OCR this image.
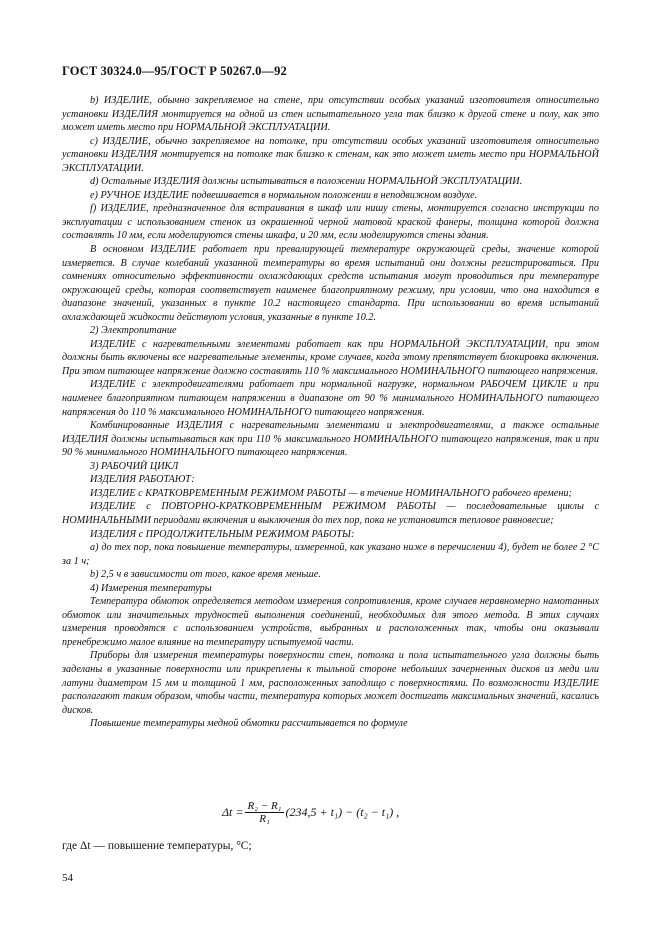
ГОСТ 30324.0—95/ГОСТ Р 50267.0—92

b) ИЗДЕЛИЕ, обычно закрепляемое на стене, при отсутствии особых указаний изготовителя относительно установки ИЗДЕЛИЯ монтируется на одной из стен испытательного угла так близко к другой стене и полу, как это может иметь место при НОРМАЛЬНОЙ ЭКСПЛУАТАЦИИ.

c) ИЗДЕЛИЕ, обычно закрепляемое на потолке, при отсутствии особых указаний изготовителя относительно установки ИЗДЕЛИЯ монтируется на потолке так близко к стенам, как это может иметь место при НОРМАЛЬНОЙ ЭКСПЛУАТАЦИИ.

d) Остальные ИЗДЕЛИЯ должны испытываться в положении НОРМАЛЬНОЙ ЭКСПЛУАТАЦИИ.

e) РУЧНОЕ ИЗДЕЛИЕ подвешивается в нормальном положении в неподвижном воздухе.

f) ИЗДЕЛИЕ, предназначенное для встраивания в шкаф или нишу стены, монтируется согласно инструкции по эксплуатации с использованием стенок из окрашенной черной матовой краской фанеры, толщина которой должна составлять 10 мм, если моделируются стены шкафа, и 20 мм, если моделируются стены здания.

В основном ИЗДЕЛИЕ работает при превалирующей температуре окружающей среды, значение которой измеряется. В случае колебаний указанной температуры во время испытаний они должны регистрироваться. При сомнениях относительно эффективности охлаждающих средств испытания могут проводиться при температуре окружающей среды, которая соответствует наименее благоприятному режиму, при условии, что она находится в диапазоне значений, указанных в пункте 10.2 настоящего стандарта. При использовании во время испытаний охлаждающей жидкости действуют условия, указанные в пункте 10.2.

2) Электропитание

ИЗДЕЛИЕ с нагревательными элементами работает как при НОРМАЛЬНОЙ ЭКСПЛУАТАЦИИ, при этом должны быть включены все нагревательные элементы, кроме случаев, когда этому препятствует блокировка включения. При этом питающее напряжение должно составлять 110 % максимального НОМИНАЛЬНОГО питающего напряжения.

ИЗДЕЛИЕ с электродвигателями работает при нормальной нагрузке, нормальном РАБОЧЕМ ЦИКЛЕ и при наименее благоприятном питающем напряжении в диапазоне от 90 % минимального НОМИНАЛЬНОГО питающего напряжения до 110 % максимального НОМИНАЛЬНОГО питающего напряжения.

Комбинированные ИЗДЕЛИЯ с нагревательными элементами и электродвигателями, а также остальные ИЗДЕЛИЯ должны испытываться как при 110 % максимального НОМИНАЛЬНОГО питающего напряжения, так и при 90 % минимального НОМИНАЛЬНОГО питающего напряжения.

3) РАБОЧИЙ ЦИКЛ

ИЗДЕЛИЯ РАБОТАЮТ:

ИЗДЕЛИЕ с КРАТКОВРЕМЕННЫМ РЕЖИМОМ РАБОТЫ — в течение НОМИНАЛЬНОГО рабочего времени;

ИЗДЕЛИЕ с ПОВТОРНО-КРАТКОВРЕМЕННЫМ РЕЖИМОМ РАБОТЫ — последовательные циклы с НОМИНАЛЬНЫМИ периодами включения и выключения до тех пор, пока не установится тепловое равновесие;

ИЗДЕЛИЯ с ПРОДОЛЖИТЕЛЬНЫМ РЕЖИМОМ РАБОТЫ:

a) до тех пор, пока повышение температуры, измеренной, как указано ниже в перечислении 4), будет не более 2 °С за 1 ч;

b) 2,5 ч в зависимости от того, какое время меньше.

4) Измерения температуры

Температура обмоток определяется методом измерения сопротивления, кроме случаев неравномерно намотанных обмоток или значительных трудностей выполнения соединений, необходимых для этого метода. В этих случаях измерения проводятся с использованием устройств, выбранных и расположенных так, чтобы они оказывали пренебрежимо малое влияние на температуру испытуемой части.

Приборы для измерения температуры поверхности стен, потолка и пола испытательного угла должны быть заделаны в указанные поверхности или прикреплены к тыльной стороне небольших зачерненных дисков из меди или латуни диаметром 15 мм и толщиной 1 мм, расположенных заподлицо с поверхностями. По возможности ИЗДЕЛИЕ располагают таким образом, чтобы части, температура которых может достигать максимальных значений, касались дисков.

Повышение температуры медной обмотки рассчитывается по формуле

$\Delta t = \frac{\text{R₂ − R₁}}{\text{R₁}} (234,5 + t_1) - (t_2 - t_1)$ ,
где Δt — повышение температуры, °С;
54
